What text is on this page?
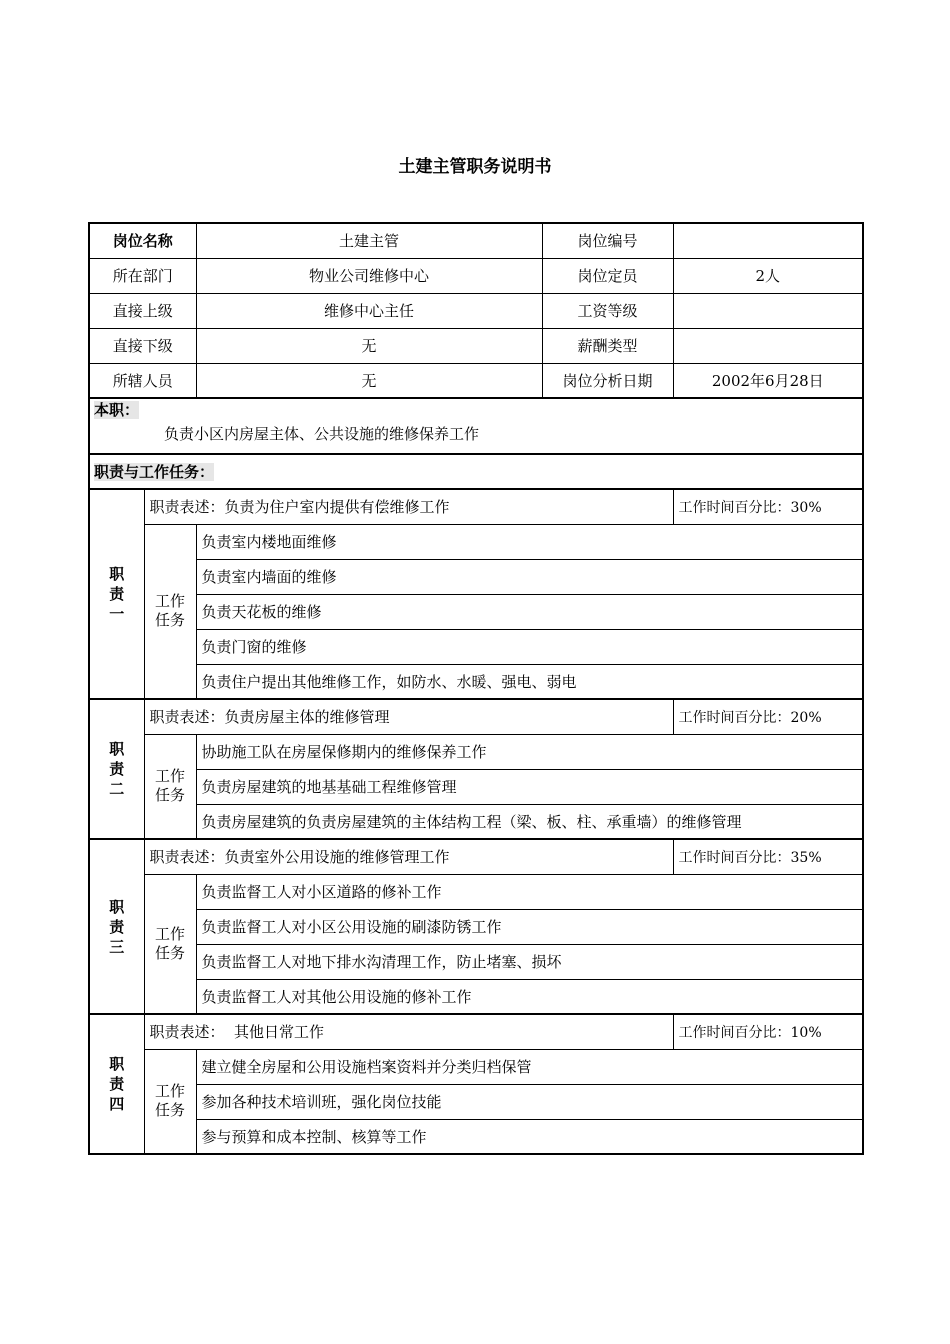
土建主管职务说明书
岗位名称		土建主管	岗位编号	
所在部门		物业公司维修中心	岗位定员	2人
直接上级		维修中心主任	工资等级	
直接下级		无	薪酬类型	
所辖人员		无	岗位分析日期	2002年6月28日

本职：
负责小区内房屋主体、公共设施的维修保养工作				

职责与工作任务：				
职
责
一	职责表述：负责为住户室内提供有偿维修工作			工作时间百分比：30%
	工作
任务	负责室内楼地面维修		
		负责室内墙面的维修		
		负责天花板的维修		
		负责门窗的维修		
		负责住户提出其他维修工作，如防水、水暖、强电、弱电		
职
责
二	职责表述：负责房屋主体的维修管理			工作时间百分比：20%
	工作
任务	协助施工队在房屋保修期内的维修保养工作		
		负责房屋建筑的地基基础工程维修管理		
		负责房屋建筑的负责房屋建筑的主体结构工程（梁、板、柱、承重墙）的维修管理		
职
责
三	职责表述：负责室外公用设施的维修管理工作			工作时间百分比：35%
	工作
任务	负责监督工人对小区道路的修补工作		
		负责监督工人对小区公用设施的刷漆防锈工作		
		负责监督工人对地下排水沟清理工作，防止堵塞、损坏		
		负责监督工人对其他公用设施的修补工作		
职
责
四	职责表述：  其他日常工作			工作时间百分比：10%
	工作
任务	建立健全房屋和公用设施档案资料并分类归档保管		
		参加各种技术培训班，强化岗位技能		
		参与预算和成本控制、核算等工作		
